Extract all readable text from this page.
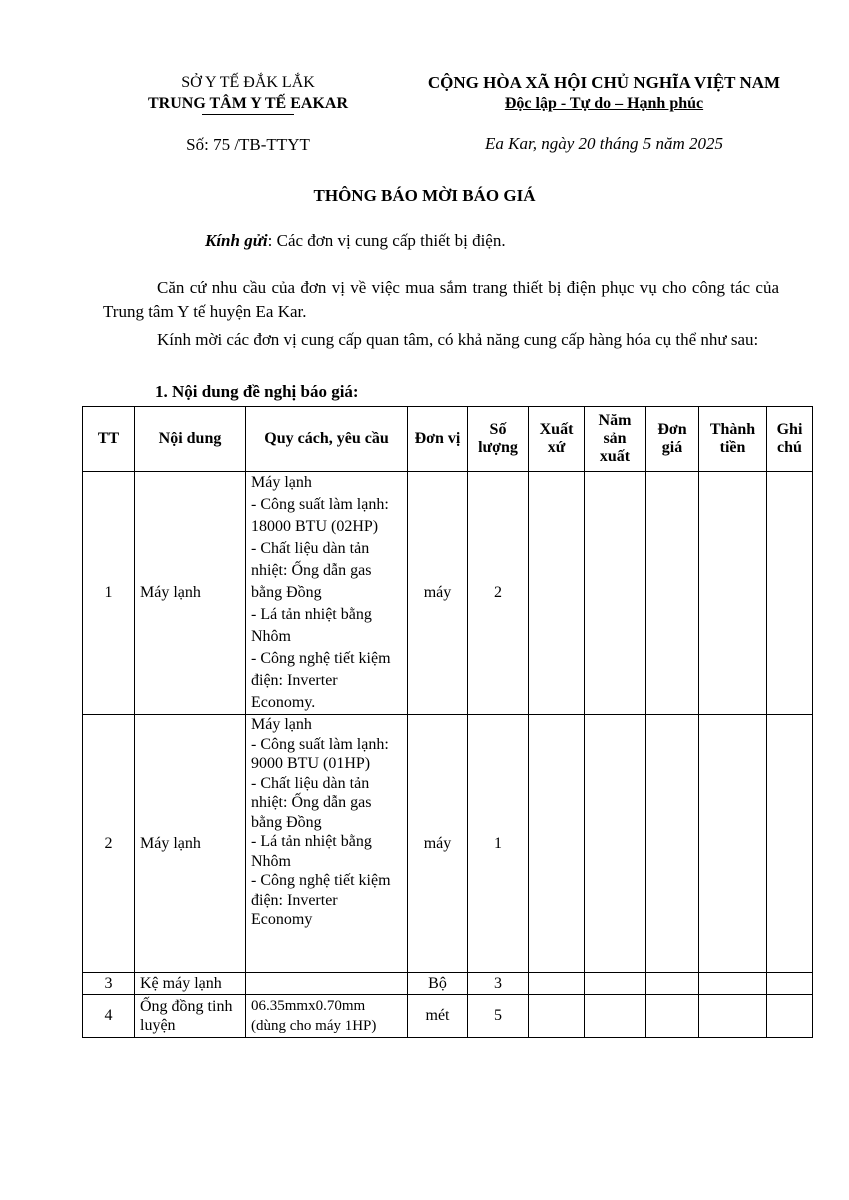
SỞ Y TẾ ĐẮK LẮK
TRUNG TÂM Y TẾ EAKAR
CỘNG HÒA XÃ HỘI CHỦ NGHĨA VIỆT NAM
Độc lập - Tự do – Hạnh phúc
Số: 75 /TB-TTYT	Ea Kar, ngày 20 tháng 5 năm 2025
THÔNG BÁO MỜI BÁO GIÁ
Kính gửi: Các đơn vị cung cấp thiết bị điện.
Căn cứ nhu cầu của đơn vị về việc mua sắm trang thiết bị điện phục vụ cho công tác của Trung tâm Y tế huyện Ea Kar.
Kính mời các đơn vị cung cấp quan tâm, có khả năng cung cấp hàng hóa cụ thể như sau:
1. Nội dung đề nghị báo giá:
TT	Nội dung	Quy cách, yêu cầu	Đơn vị	Số lượng	Xuất xứ	Năm sản xuất	Đơn giá	Thành tiền	Ghi chú
1	Máy lạnh	Máy lạnh
- Công suất làm lạnh: 18000 BTU (02HP)
- Chất liệu dàn tản nhiệt: Ống dẫn gas bằng Đồng
- Lá tản nhiệt bằng Nhôm
- Công nghệ tiết kiệm điện: Inverter Economy.	máy	2					
2	Máy lạnh	Máy lạnh
- Công suất làm lạnh: 9000 BTU (01HP)
- Chất liệu dàn tản nhiệt: Ống dẫn gas bằng Đồng
- Lá tản nhiệt bằng Nhôm
- Công nghệ tiết kiệm điện: Inverter Economy	máy	1					
3	Kệ máy lạnh		Bộ	3					
4	Ống đồng tinh luyện	06.35mmx0.70mm (dùng cho máy 1HP)	mét	5					
